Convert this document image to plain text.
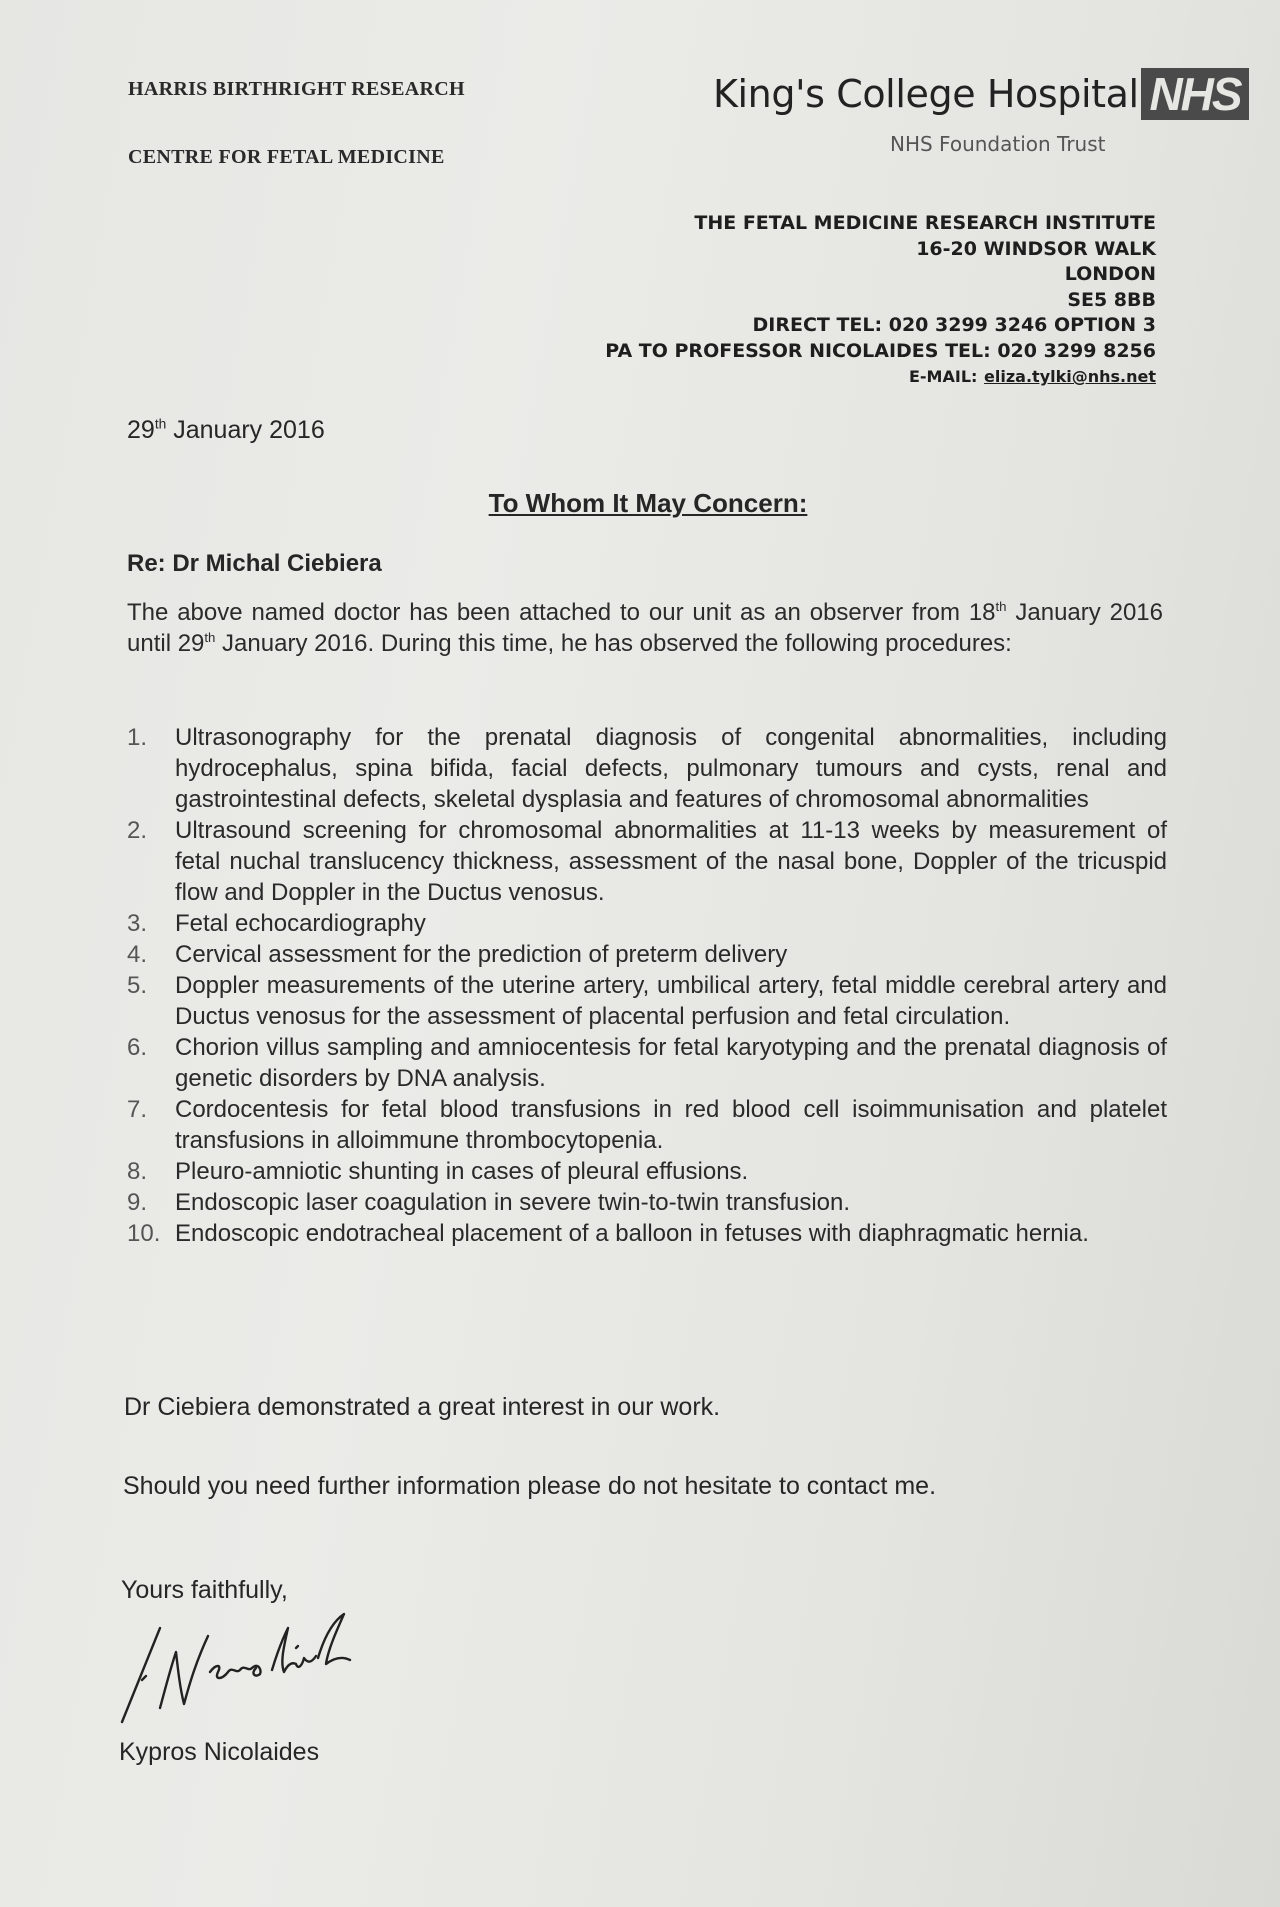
HARRIS BIRTHRIGHT RESEARCH
CENTRE FOR FETAL MEDICINE
King's College Hospital NHS
NHS Foundation Trust
THE FETAL MEDICINE RESEARCH INSTITUTE
16-20 WINDSOR WALK
LONDON
SE5 8BB
DIRECT TEL: 020 3299 3246 OPTION 3
PA TO PROFESSOR NICOLAIDES TEL: 020 3299 8256
E-MAIL: eliza.tylki@nhs.net
29th January 2016
To Whom It May Concern:
Re: Dr Michal Ciebiera
The above named doctor has been attached to our unit as an observer from 18th January 2016 until 29th January 2016. During this time, he has observed the following procedures:
1. Ultrasonography for the prenatal diagnosis of congenital abnormalities, including hydrocephalus, spina bifida, facial defects, pulmonary tumours and cysts, renal and gastrointestinal defects, skeletal dysplasia and features of chromosomal abnormalities
2. Ultrasound screening for chromosomal abnormalities at 11-13 weeks by measurement of fetal nuchal translucency thickness, assessment of the nasal bone, Doppler of the tricuspid flow and Doppler in the Ductus venosus.
3. Fetal echocardiography
4. Cervical assessment for the prediction of preterm delivery
5. Doppler measurements of the uterine artery, umbilical artery, fetal middle cerebral artery and Ductus venosus for the assessment of placental perfusion and fetal circulation.
6. Chorion villus sampling and amniocentesis for fetal karyotyping and the prenatal diagnosis of genetic disorders by DNA analysis.
7. Cordocentesis for fetal blood transfusions in red blood cell isoimmunisation and platelet transfusions in alloimmune thrombocytopenia.
8. Pleuro-amniotic shunting in cases of pleural effusions.
9. Endoscopic laser coagulation in severe twin-to-twin transfusion.
10. Endoscopic endotracheal placement of a balloon in fetuses with diaphragmatic hernia.
Dr Ciebiera demonstrated a great interest in our work.
Should you need further information please do not hesitate to contact me.
Yours faithfully,
Kypros Nicolaides
